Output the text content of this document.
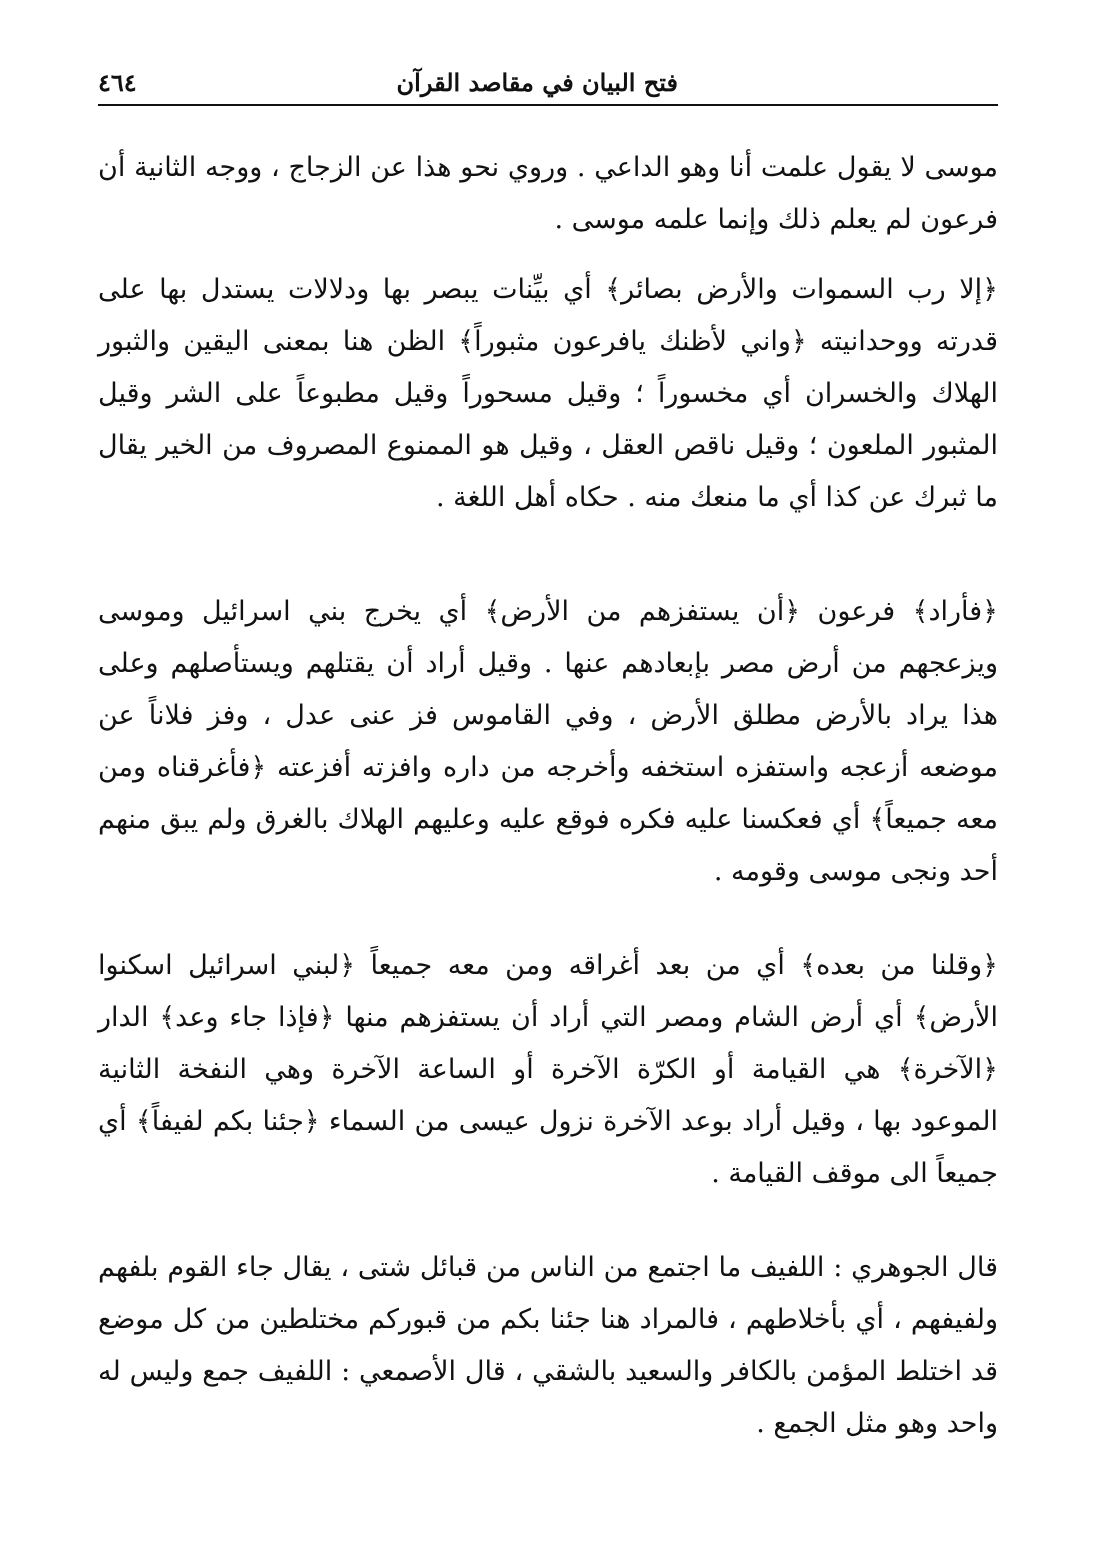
فتح البيان في مقاصد القرآن
٤٦٤

موسى لا يقول علمت أنا وهو الداعي . وروي نحو هذا عن الزجاج ، ووجه الثانية أن فرعون لم يعلم ذلك وإنما علمه موسى .

﴿إلا رب السموات والأرض بصائر﴾ أي بيِّنات يبصر بها ودلالات يستدل بها على قدرته ووحدانيته ﴿واني لأظنك يافرعون مثبوراً﴾ الظن هنا بمعنى اليقين والثبور الهلاك والخسران أي مخسوراً ؛ وقيل مسحوراً وقيل مطبوعاً على الشر وقيل المثبور الملعون ؛ وقيل ناقص العقل ، وقيل هو الممنوع المصروف من الخير يقال ما ثبرك عن كذا أي ما منعك منه . حكاه أهل اللغة .

﴿فأراد﴾ فرعون ﴿أن يستفزهم من الأرض﴾ أي يخرج بني اسرائيل وموسى ويزعجهم من أرض مصر بإبعادهم عنها . وقيل أراد أن يقتلهم ويستأصلهم وعلى هذا يراد بالأرض مطلق الأرض ، وفي القاموس فز عنى عدل ، وفز فلاناً عن موضعه أزعجه واستفزه استخفه وأخرجه من داره وافزته أفزعته ﴿فأغرقناه ومن معه جميعاً﴾ أي فعكسنا عليه فكره فوقع عليه وعليهم الهلاك بالغرق ولم يبق منهم أحد ونجى موسى وقومه .

﴿وقلنا من بعده﴾ أي من بعد أغراقه ومن معه جميعاً ﴿لبني اسرائيل اسكنوا الأرض﴾ أي أرض الشام ومصر التي أراد أن يستفزهم منها ﴿فإذا جاء وعد﴾ الدار ﴿الآخرة﴾ هي القيامة أو الكرّة الآخرة أو الساعة الآخرة وهي النفخة الثانية الموعود بها ، وقيل أراد بوعد الآخرة نزول عيسى من السماء ﴿جئنا بكم لفيفاً﴾ أي جميعاً الى موقف القيامة .

قال الجوهري : اللفيف ما اجتمع من الناس من قبائل شتى ، يقال جاء القوم بلفهم ولفيفهم ، أي بأخلاطهم ، فالمراد هنا جئنا بكم من قبوركم مختلطين من كل موضع قد اختلط المؤمن بالكافر والسعيد بالشقي ، قال الأصمعي : اللفيف جمع وليس له واحد وهو مثل الجمع .
